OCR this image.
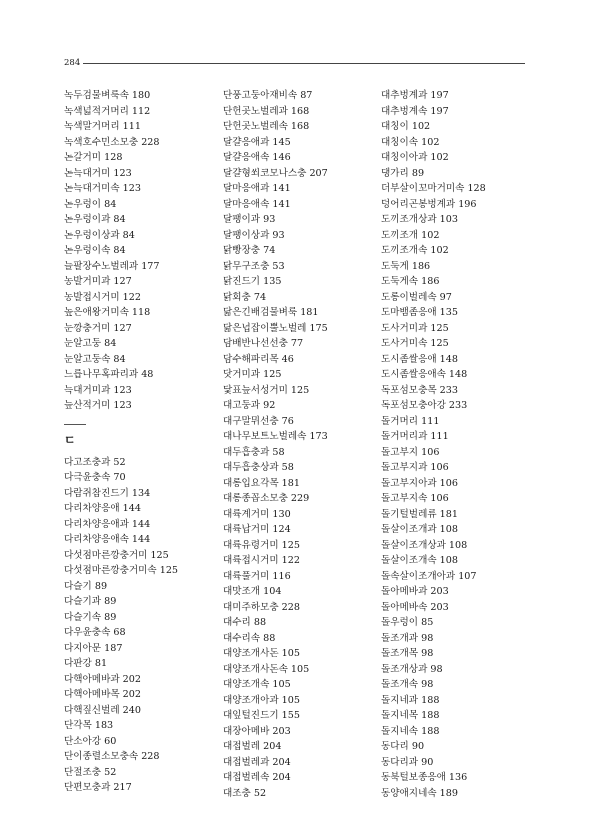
284
녹두검물벼룩속 180
녹색넓적거머리 112
녹색말거머리 111
녹색호수민소모충 228
논갈거미 128
논늑대거미 123
논늑대거미속 123
논우렁이 84
논우렁이과 84
논우렁이상과 84
논우렁이속 84
늘팔장수노벌레과 177
농발거미과 127
농발접시거미 122
높은애왕거미속 118
눈깡충거미 127
눈알고둥 84
눈알고둥속 84
느릅나무혹파리과 48
늑대거미과 123
늪산적거미 123
ㄷ
다고조충과 52
다극윤충속 70
다람쥐참진드기 134
다리차양응애 144
다리차양응애과 144
다리차양응애속 144
다섯점마른깡충거미 125
다섯점마른깡충거미속 125
다슬기 89
다슬기과 89
다슬기속 89
다우윤충속 68
다지아문 187
다판강 81
다핵아메바과 202
다핵아메바목 202
다핵짚신벌레 240
단각목 183
단소아강 60
단이종렬소모충속 228
단절조충 52
단편모충과 217
단풍고둥아재비속 87
단헌곳노벌레과 168
단헌곳노벌레속 168
달걀응애과 145
달걀응애속 146
달걀형쐬코모나스충 207
달마응애과 141
달마응애속 141
달팽이과 93
달팽이상과 93
닭빵장충 74
닭무구조충 53
닭진드기 135
닭회충 74
닮은긴배검물벼룩 181
닮은넙잡이뿔노벌레 175
담배반나선선충 77
담수해파리목 46
닷거미과 125
닻표늪서성거미 125
대고둥과 92
대구말뮈선충 76
대나무보트노벌레속 173
대두흡충과 58
대두흡충상과 58
대롱입요각목 181
대롱종꼽소모충 229
대륙계거미 130
대륙납거미 124
대륙유령거미 125
대륙접시거미 122
대륙풀거미 116
대맛조개 104
대미주하모충 228
대수리 88
대수리속 88
대양조개사돈 105
대양조개사돈속 105
대양조개속 105
대양조개아과 105
대잎털진드기 155
대장아메바 203
대접벌레 204
대접벌레과 204
대접벌레속 204
대조충 52
대추벙계과 197
대추벙계속 197
대칭이 102
대칭이속 102
대칭이아과 102
댕가리 89
더부살이꼬마거미속 128
덩어리곤봉벙계과 196
도끼조개상과 103
도끼조개 102
도끼조개속 102
도둑게 186
도둑게속 186
도롱이벌레속 97
도마뱀좀응애 135
도사거미과 125
도사거미속 125
도시좀쌀응애 148
도시좀쌀응애속 148
독포섬모충목 233
독포섬모충아강 233
돌거머리 111
돌거머리과 111
돌고부지 106
돌고부지과 106
돌고부지아과 106
돌고부지속 106
돌기털벌레류 181
돌살이조개과 108
돌살이조개상과 108
돌살이조개속 108
돌속살이조개아과 107
돌아메바과 203
돌아메바속 203
돌우렁이 85
돌조개과 98
돌조개목 98
돌조개상과 98
돌조개속 98
돌지네과 188
돌지네목 188
돌지네속 188
동다리 90
동다리과 90
동북털보종응애 136
동양애지네속 189
